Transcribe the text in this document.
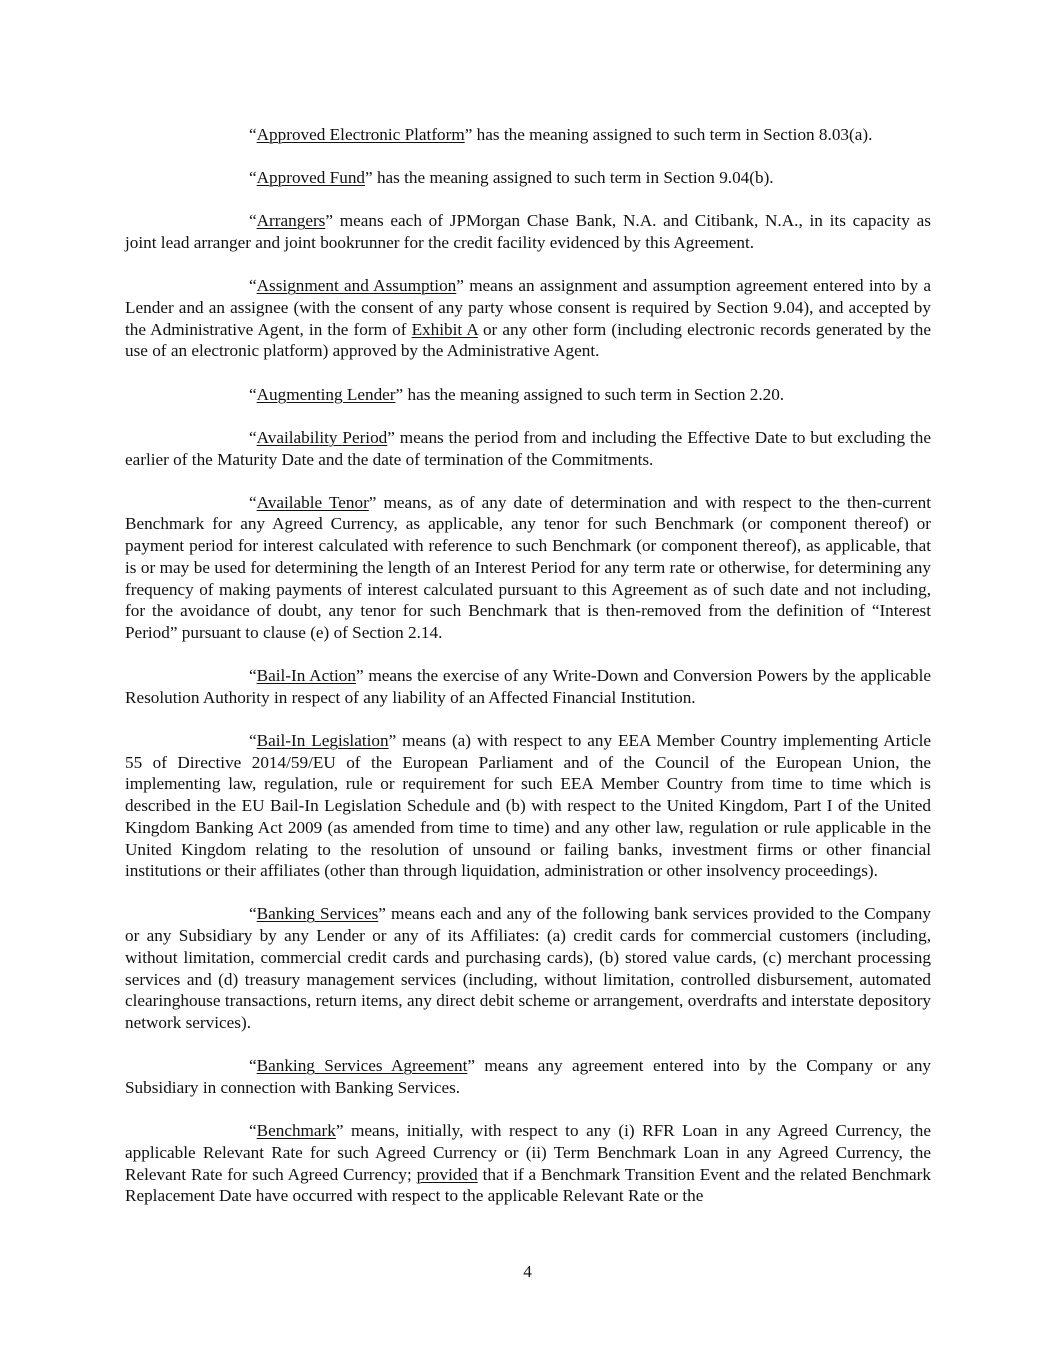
“Approved Electronic Platform” has the meaning assigned to such term in Section 8.03(a).

“Approved Fund” has the meaning assigned to such term in Section 9.04(b).

“Arrangers” means each of JPMorgan Chase Bank, N.A. and Citibank, N.A., in its capacity as joint lead arranger and joint bookrunner for the credit facility evidenced by this Agreement.

“Assignment and Assumption” means an assignment and assumption agreement entered into by a Lender and an assignee (with the consent of any party whose consent is required by Section 9.04), and accepted by the Administrative Agent, in the form of Exhibit A or any other form (including electronic records generated by the use of an electronic platform) approved by the Administrative Agent.

“Augmenting Lender” has the meaning assigned to such term in Section 2.20.

“Availability Period” means the period from and including the Effective Date to but excluding the earlier of the Maturity Date and the date of termination of the Commitments.

“Available Tenor” means, as of any date of determination and with respect to the then-current Benchmark for any Agreed Currency, as applicable, any tenor for such Benchmark (or component thereof) or payment period for interest calculated with reference to such Benchmark (or component thereof), as applicable, that is or may be used for determining the length of an Interest Period for any term rate or otherwise, for determining any frequency of making payments of interest calculated pursuant to this Agreement as of such date and not including, for the avoidance of doubt, any tenor for such Benchmark that is then-removed from the definition of “Interest Period” pursuant to clause (e) of Section 2.14.

“Bail-In Action” means the exercise of any Write-Down and Conversion Powers by the applicable Resolution Authority in respect of any liability of an Affected Financial Institution.

“Bail-In Legislation” means (a) with respect to any EEA Member Country implementing Article 55 of Directive 2014/59/EU of the European Parliament and of the Council of the European Union, the implementing law, regulation, rule or requirement for such EEA Member Country from time to time which is described in the EU Bail-In Legislation Schedule and (b) with respect to the United Kingdom, Part I of the United Kingdom Banking Act 2009 (as amended from time to time) and any other law, regulation or rule applicable in the United Kingdom relating to the resolution of unsound or failing banks, investment firms or other financial institutions or their affiliates (other than through liquidation, administration or other insolvency proceedings).

“Banking Services” means each and any of the following bank services provided to the Company or any Subsidiary by any Lender or any of its Affiliates: (a) credit cards for commercial customers (including, without limitation, commercial credit cards and purchasing cards), (b) stored value cards, (c) merchant processing services and (d) treasury management services (including, without limitation, controlled disbursement, automated clearinghouse transactions, return items, any direct debit scheme or arrangement, overdrafts and interstate depository network services).

“Banking Services Agreement” means any agreement entered into by the Company or any Subsidiary in connection with Banking Services.

“Benchmark” means, initially, with respect to any (i) RFR Loan in any Agreed Currency, the applicable Relevant Rate for such Agreed Currency or (ii) Term Benchmark Loan in any Agreed Currency, the Relevant Rate for such Agreed Currency; provided that if a Benchmark Transition Event and the related Benchmark Replacement Date have occurred with respect to the applicable Relevant Rate or the

4
